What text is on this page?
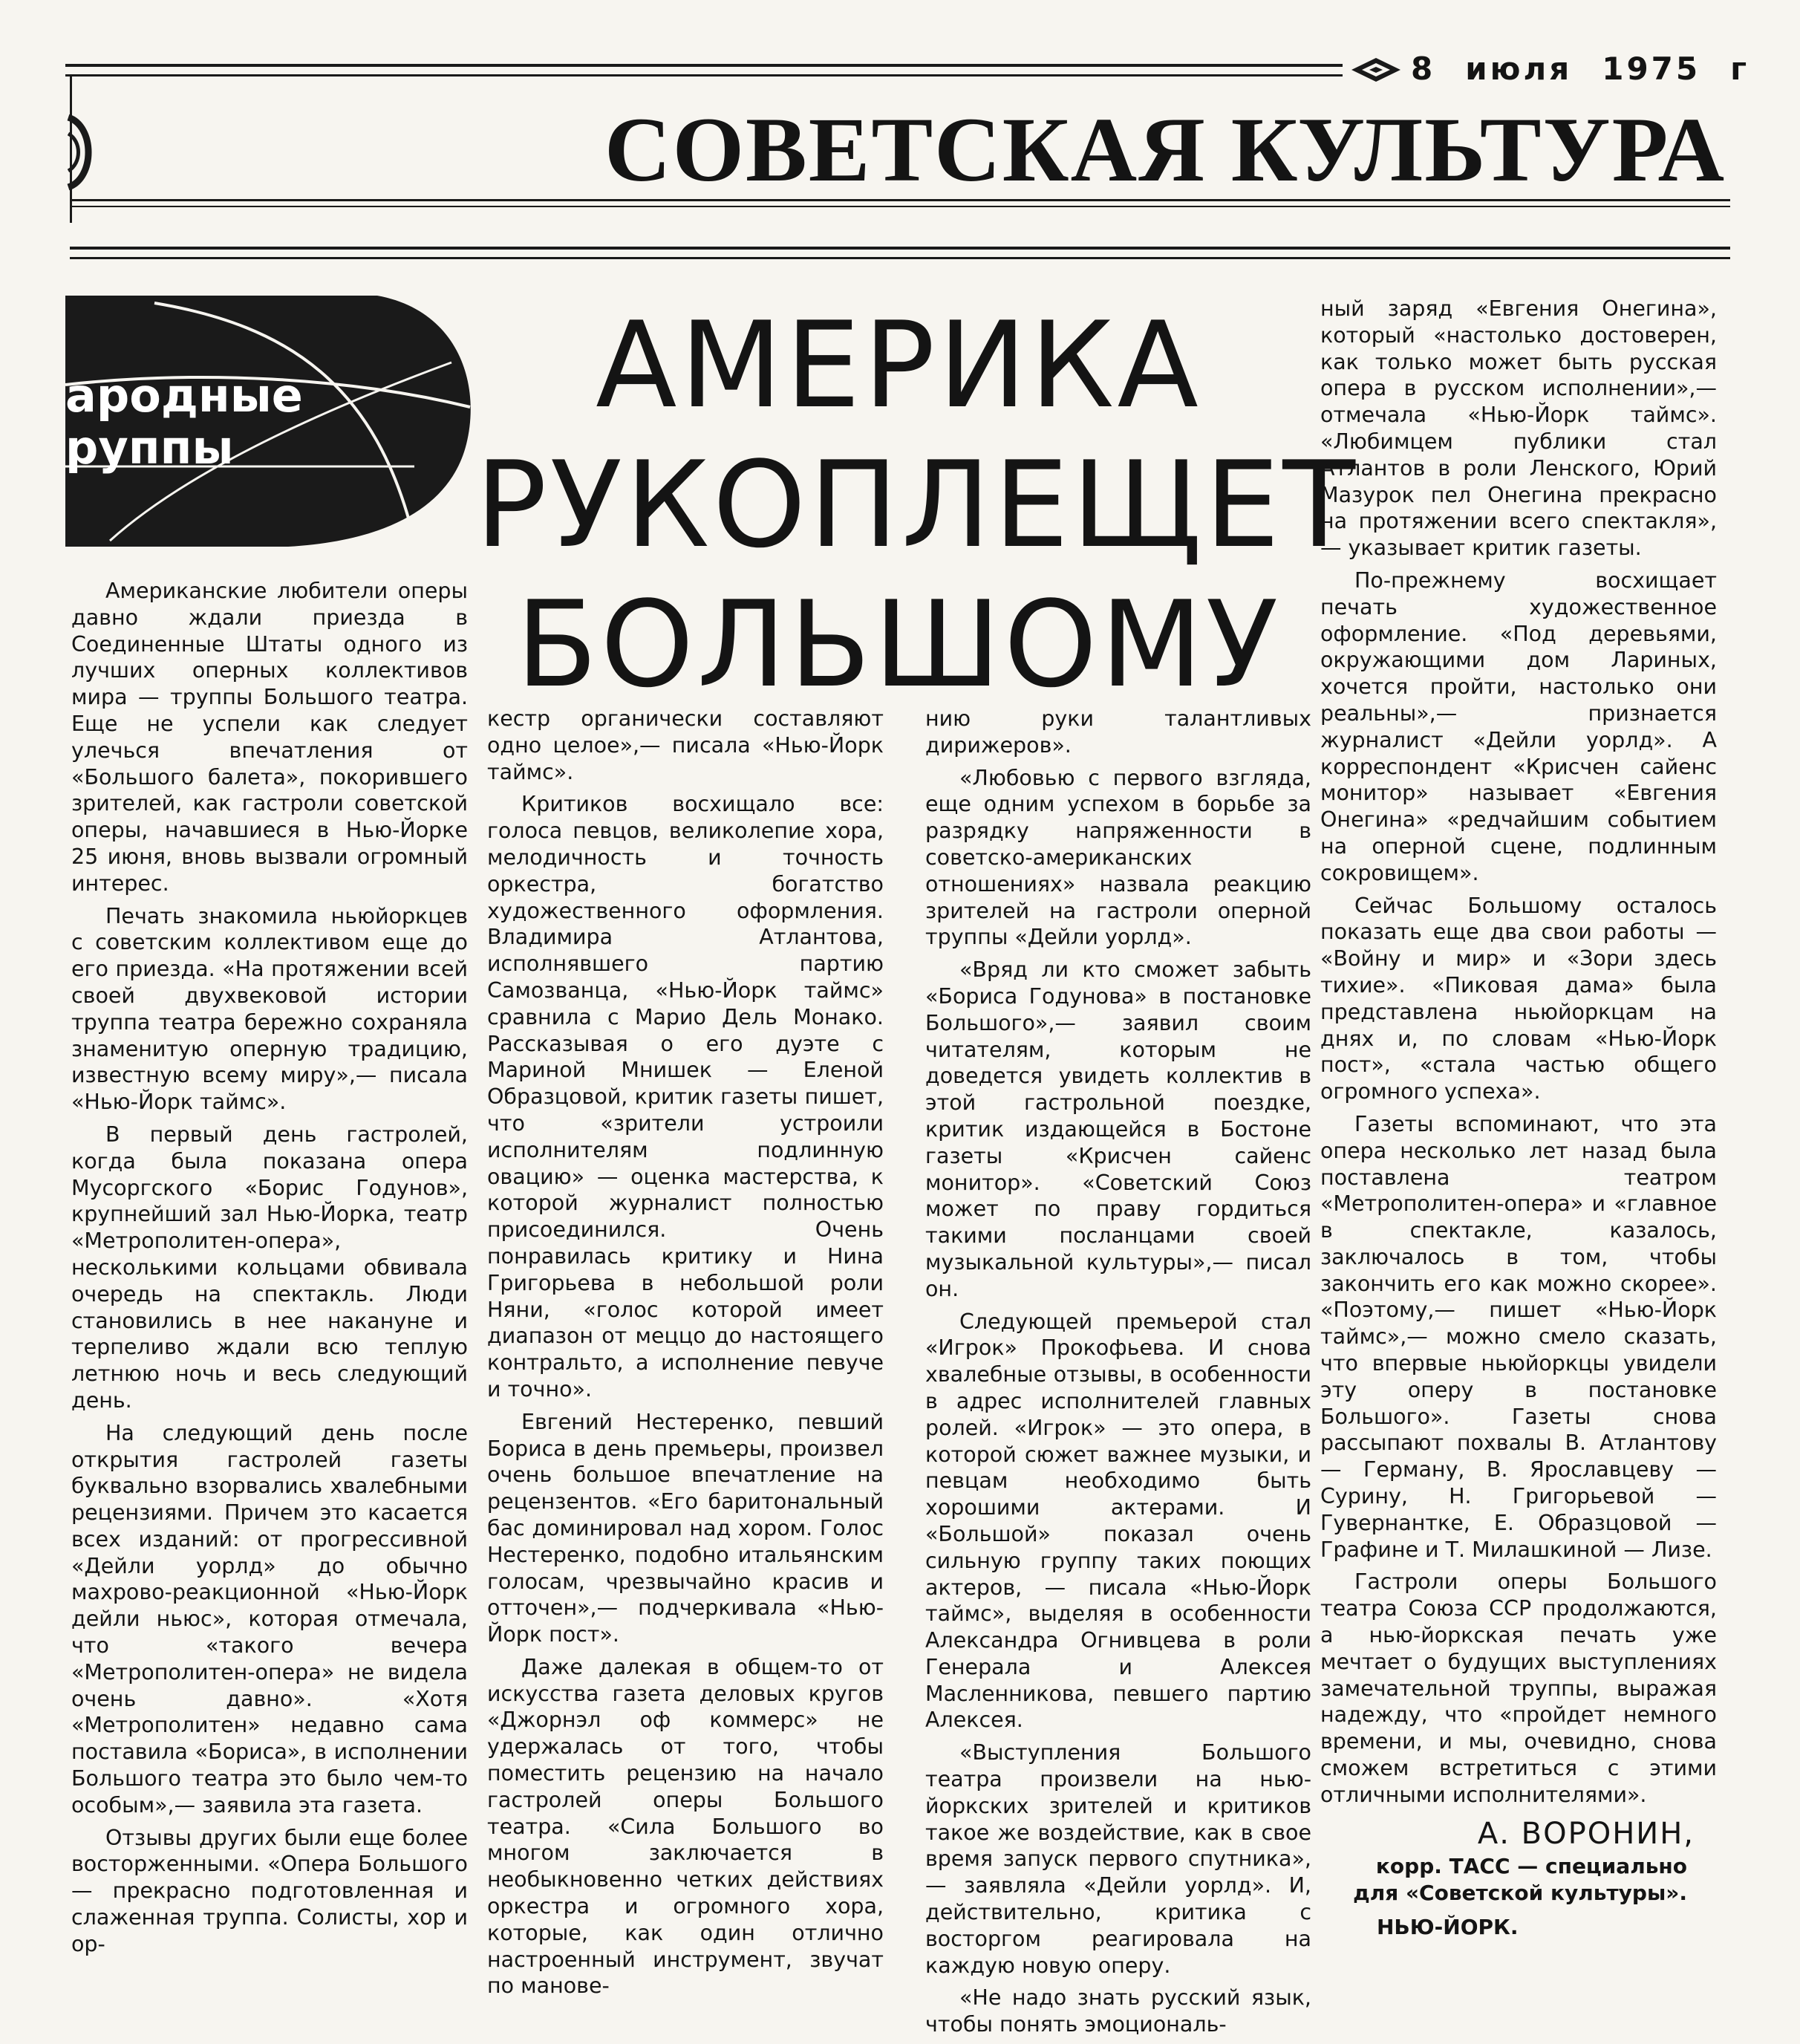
8 июля 1975 г
СОВЕТСКАЯ КУЛЬТУРА
ародные
руппы
АМЕРИКА
РУКОПЛЕЩЕТ
БОЛЬШОМУ

Американские любители оперы давно ждали приезда в Соединенные Штаты одного из лучших оперных коллективов мира — труппы Большого театра. Еще не успели как следует улечься впечатления от «Большого балета», покорившего зрителей, как гастроли советской оперы, начавшиеся в Нью-Йорке 25 июня, вновь вызвали огромный интерес.

Печать знакомила ньюйоркцев с советским коллективом еще до его приезда. «На протяжении всей своей двухвековой истории труппа театра бережно сохраняла знаменитую оперную традицию, известную всему миру»,— писала «Нью-Йорк таймс».

В первый день гастролей, когда была показана опера Мусоргского «Борис Годунов», крупнейший зал Нью-Йорка, театр «Метрополитен-опера», несколькими кольцами обвивала очередь на спектакль. Люди становились в нее накануне и терпеливо ждали всю теплую летнюю ночь и весь следующий день.

На следующий день после открытия гастролей газеты буквально взорвались хвалебными рецензиями. Причем это касается всех изданий: от прогрессивной «Дейли уорлд» до обычно махрово-реакционной «Нью-Йорк дейли ньюс», которая отмечала, что «такого вечера «Метрополитен-опера» не видела очень давно». «Хотя «Метрополитен» недавно сама поставила «Бориса», в исполнении Большого театра это было чем-то особым»,— заявила эта газета.

Отзывы других были еще более восторженными. «Опера Большого — прекрасно подготовленная и слаженная труппа. Солисты, хор и ор-

кестр органически составляют одно целое»,— писала «Нью-Йорк таймс».

Критиков восхищало все: голоса певцов, великолепие хора, мелодичность и точность оркестра, богатство художественного оформления. Владимира Атлантова, исполнявшего партию Самозванца, «Нью-Йорк таймс» сравнила с Марио Дель Монако. Рассказывая о его дуэте с Мариной Мнишек — Еленой Образцовой, критик газеты пишет, что «зрители устроили исполнителям подлинную овацию» — оценка мастерства, к которой журналист полностью присоединился. Очень понравилась критику и Нина Григорьева в небольшой роли Няни, «голос которой имеет диапазон от меццо до настоящего контральто, а исполнение певуче и точно».

Евгений Нестеренко, певший Бориса в день премьеры, произвел очень большое впечатление на рецензентов. «Его баритональный бас доминировал над хором. Голос Нестеренко, подобно итальянским голосам, чрезвычайно красив и отточен»,— подчеркивала «Нью-Йорк пост».

Даже далекая в общем-то от искусства газета деловых кругов «Джорнэл оф коммерс» не удержалась от того, чтобы поместить рецензию на начало гастролей оперы Большого театра. «Сила Большого во многом заключается в необыкновенно четких действиях оркестра и огромного хора, которые, как один отлично настроенный инструмент, звучат по манове-

нию руки талантливых дирижеров».

«Любовью с первого взгляда, еще одним успехом в борьбе за разрядку напряженности в советско-американских отношениях» назвала реакцию зрителей на гастроли оперной труппы «Дейли уорлд».

«Вряд ли кто сможет забыть «Бориса Годунова» в постановке Большого»,— заявил своим читателям, которым не доведется увидеть коллектив в этой гастрольной поездке, критик издающейся в Бостоне газеты «Крисчен сайенс монитор». «Советский Союз может по праву гордиться такими посланцами своей музыкальной культуры»,— писал он.

Следующей премьерой стал «Игрок» Прокофьева. И снова хвалебные отзывы, в особенности в адрес исполнителей главных ролей. «Игрок» — это опера, в которой сюжет важнее музыки, и певцам необходимо быть хорошими актерами. И «Большой» показал очень сильную группу таких поющих актеров, — писала «Нью-Йорк таймс», выделяя в особенности Александра Огнивцева в роли Генерала и Алексея Масленникова, певшего партию Алексея.

«Выступления Большого театра произвели на нью-йоркских зрителей и критиков такое же воздействие, как в свое время запуск первого спутника»,— заявляла «Дейли уорлд». И, действительно, критика с восторгом реагировала на каждую новую оперу.

«Не надо знать русский язык, чтобы понять эмоциональ-

ный заряд «Евгения Онегина», который «настолько достоверен, как только может быть русская опера в русском исполнении»,— отмечала «Нью-Йорк таймс». «Любимцем публики стал Атлантов в роли Ленского, Юрий Мазурок пел Онегина прекрасно на протяжении всего спектакля»,— указывает критик газеты.

По-прежнему восхищает печать художественное оформление. «Под деревьями, окружающими дом Лариных, хочется пройти, настолько они реальны»,— признается журналист «Дейли уорлд». А корреспондент «Крисчен сайенс монитор» называет «Евгения Онегина» «редчайшим событием на оперной сцене, подлинным сокровищем».

Сейчас Большому осталось показать еще два свои работы — «Войну и мир» и «Зори здесь тихие». «Пиковая дама» была представлена ньюйоркцам на днях и, по словам «Нью-Йорк пост», «стала частью общего огромного успеха».

Газеты вспоминают, что эта опера несколько лет назад была поставлена театром «Метрополитен-опера» и «главное в спектакле, казалось, заключалось в том, чтобы закончить его как можно скорее». «Поэтому,— пишет «Нью-Йорк таймс»,— можно смело сказать, что впервые ньюйоркцы увидели эту оперу в постановке Большого». Газеты снова рассыпают похвалы В. Атлантову — Герману, В. Ярославцеву — Сурину, Н. Григорьевой — Гувернантке, Е. Образцовой — Графине и Т. Милашкиной — Лизе.

Гастроли оперы Большого театра Союза ССР продолжаются, а нью-йоркская печать уже мечтает о будущих выступлениях замечательной труппы, выражая надежду, что «пройдет немного времени, и мы, очевидно, снова сможем встретиться с этими отличными исполнителями».

А. ВОРОНИН,
корр. ТАСС — специально
для «Советской культуры».
НЬЮ-ЙОРК.
